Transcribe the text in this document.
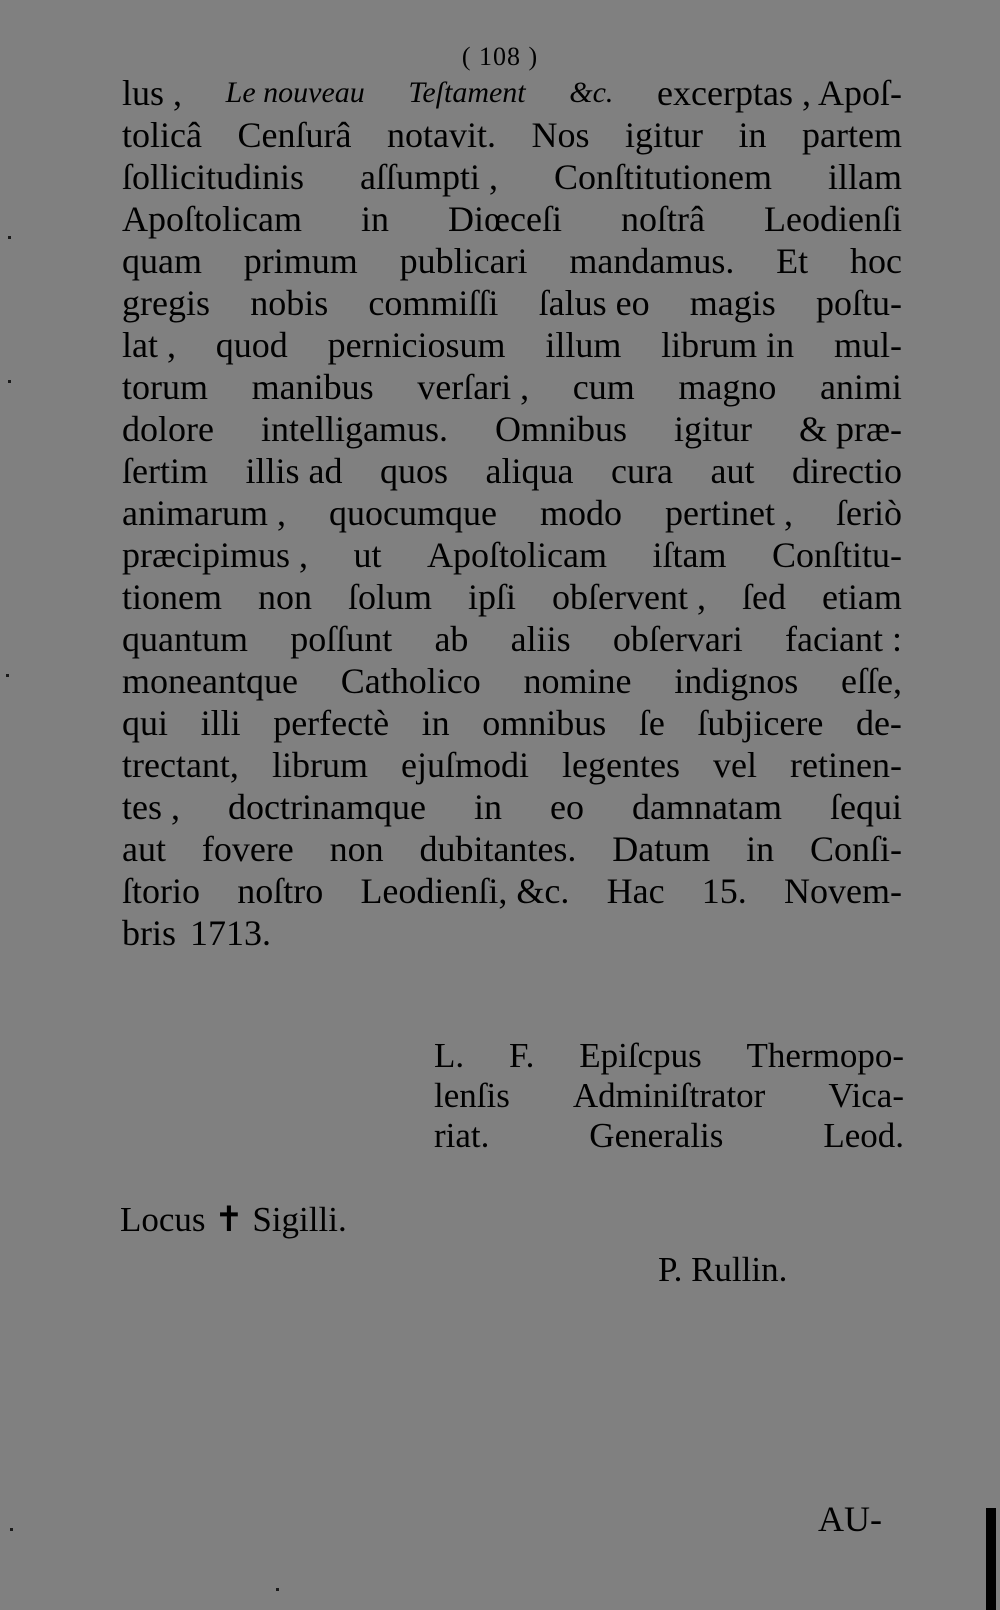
( 108 )
lus , Le nouveau Teſtament &c. excerptas , Apoſ-
tolicâ Cenſurâ notavit. Nos igitur in partem
ſollicitudinis aſſumpti , Conſtitutionem illam
Apoſtolicam in Diœceſi noſtrâ Leodienſi
quam primum publicari mandamus. Et hoc
gregis nobis commiſſi ſalus eo magis poſtu-
lat , quod perniciosum illum librum in mul-
torum manibus verſari , cum magno animi
dolore intelligamus. Omnibus igitur & præ-
ſertim illis ad quos aliqua cura aut directio
animarum , quocumque modo pertinet , ſeriò
præcipimus , ut Apoſtolicam iſtam Conſtitu-
tionem non ſolum ipſi obſervent , ſed etiam
quantum poſſunt ab aliis obſervari faciant :
moneantque Catholico nomine indignos eſſe,
qui illi perfectè in omnibus ſe ſubjicere de-
trectant, librum ejuſmodi legentes vel retinen-
tes , doctrinamque in eo damnatam ſequi
aut fovere non dubitantes. Datum in Conſi-
ſtorio noſtro Leodienſi, &c. Hac 15. Novem-
bris 1713.
L. F. Epiſcpus Thermopo-
lenſis Adminiſtrator Vica-
riat.	Generalis	Leod.
Locus ✝ Sigilli.
P. Rullin.
AU-
